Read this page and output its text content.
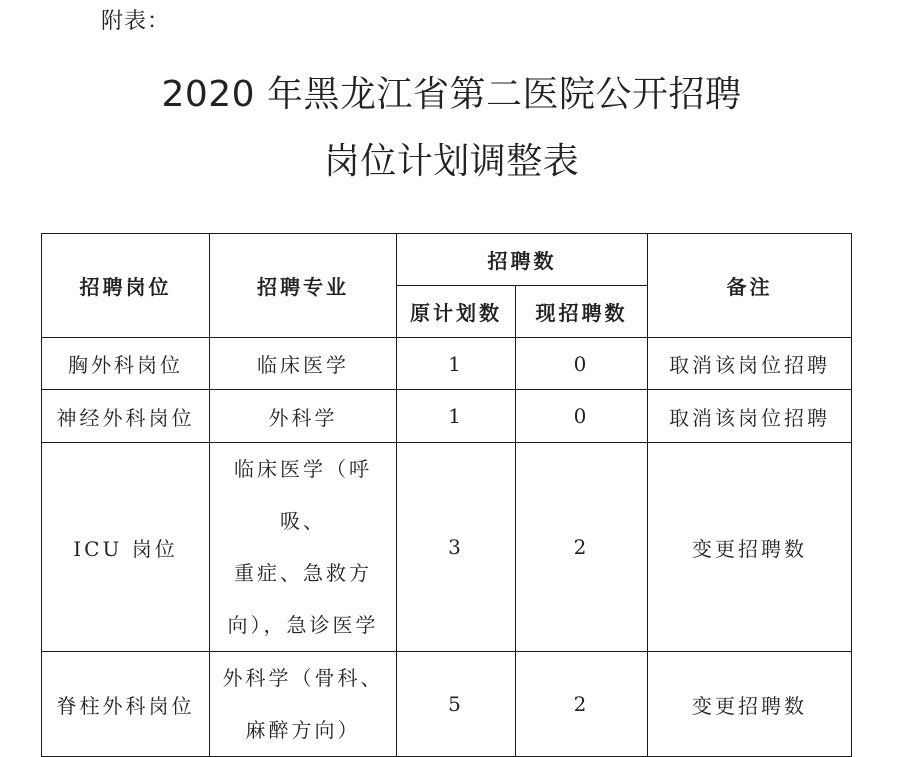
附表：
2020 年黑龙江省第二医院公开招聘
岗位计划调整表
招聘岗位	招聘专业	招聘数		备注
		原计划数	现招聘数	
胸外科岗位	临床医学	1	0	取消该岗位招聘
神经外科岗位	外科学	1	0	取消该岗位招聘
ICU 岗位	临床医学（呼吸、
重症、急救方
向），急诊医学	3	2	变更招聘数
脊柱外科岗位	外科学（骨科、
麻醉方向）	5	2	变更招聘数
